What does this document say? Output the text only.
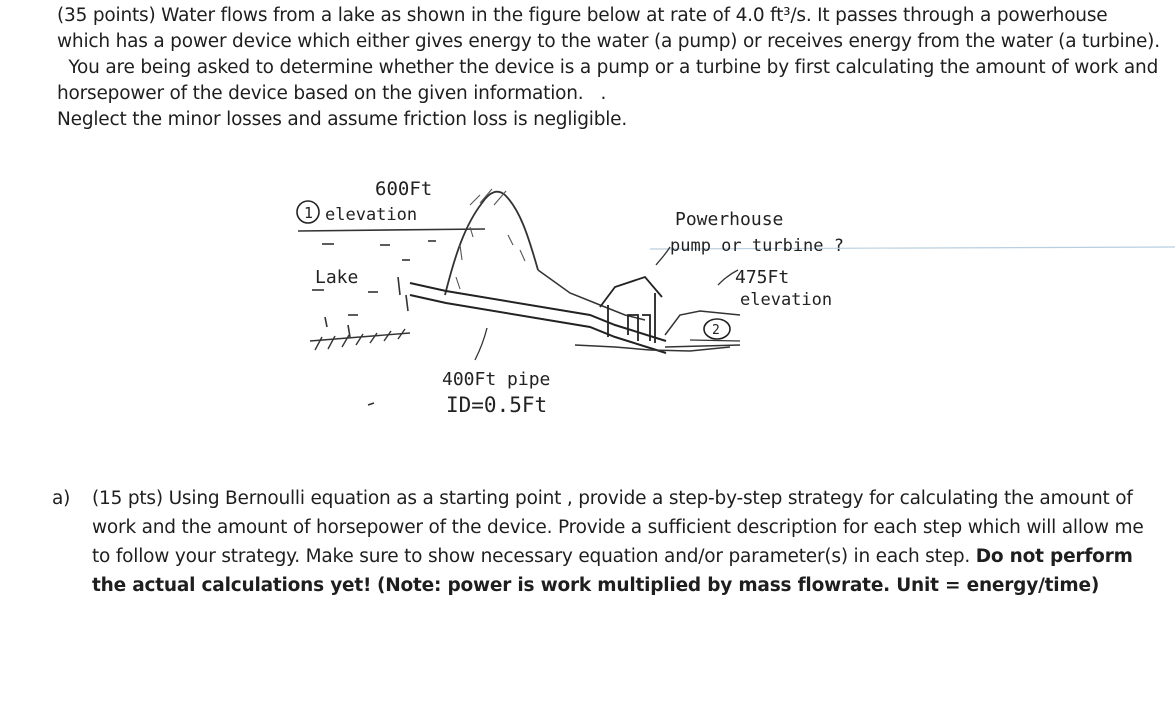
(35 points) Water flows from a lake as shown in the figure below at rate of 4.0 ft³/s. It passes through a powerhouse which has a power device which either gives energy to the water (a pump) or receives energy from the water (a turbine).   You are being asked to determine whether the device is a pump or a turbine by first calculating the amount of work and horsepower of the device based on the given information. .
Neglect the minor losses and assume friction loss is negligible.

1
2
600Ft
elevation
Lake
Powerhouse
pump or turbine ?
475Ft
elevation
400Ft pipe
ID=0.5Ft
a) (15 pts) Using Bernoulli equation as a starting point , provide a step-by-step strategy for calculating the amount of work and the amount of horsepower of the device. Provide a sufficient description for each step which will allow me to follow your strategy. Make sure to show necessary equation and/or parameter(s) in each step. Do not perform the actual calculations yet! (Note: power is work multiplied by mass flowrate. Unit = energy/time)
